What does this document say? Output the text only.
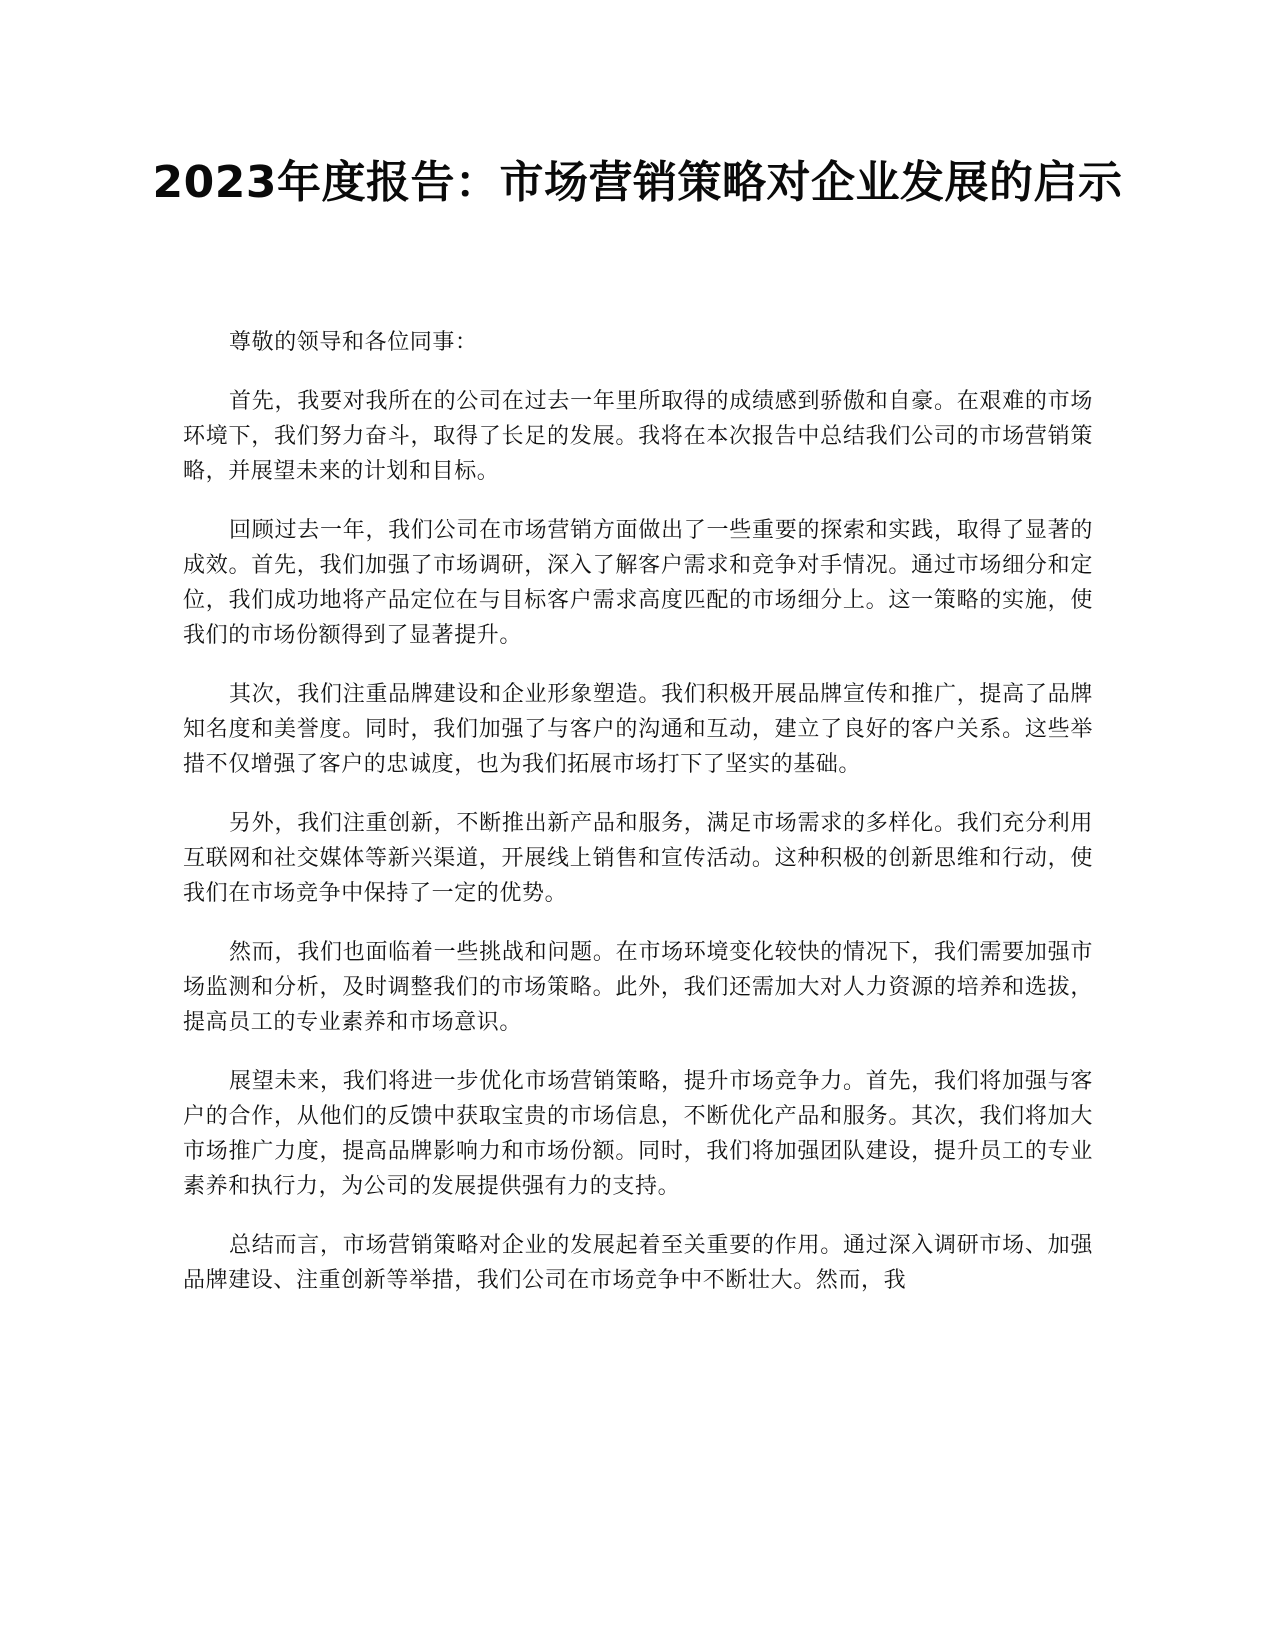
2023年度报告：市场营销策略对企业发展的启示

尊敬的领导和各位同事：

首先，我要对我所在的公司在过去一年里所取得的成绩感到骄傲和自豪。在艰难的市场环境下，我们努力奋斗，取得了长足的发展。我将在本次报告中总结我们公司的市场营销策略，并展望未来的计划和目标。

回顾过去一年，我们公司在市场营销方面做出了一些重要的探索和实践，取得了显著的成效。首先，我们加强了市场调研，深入了解客户需求和竞争对手情况。通过市场细分和定位，我们成功地将产品定位在与目标客户需求高度匹配的市场细分上。这一策略的实施，使我们的市场份额得到了显著提升。

其次，我们注重品牌建设和企业形象塑造。我们积极开展品牌宣传和推广，提高了品牌知名度和美誉度。同时，我们加强了与客户的沟通和互动，建立了良好的客户关系。这些举措不仅增强了客户的忠诚度，也为我们拓展市场打下了坚实的基础。

另外，我们注重创新，不断推出新产品和服务，满足市场需求的多样化。我们充分利用互联网和社交媒体等新兴渠道，开展线上销售和宣传活动。这种积极的创新思维和行动，使我们在市场竞争中保持了一定的优势。

然而，我们也面临着一些挑战和问题。在市场环境变化较快的情况下，我们需要加强市场监测和分析，及时调整我们的市场策略。此外，我们还需加大对人力资源的培养和选拔，提高员工的专业素养和市场意识。

展望未来，我们将进一步优化市场营销策略，提升市场竞争力。首先，我们将加强与客户的合作，从他们的反馈中获取宝贵的市场信息，不断优化产品和服务。其次，我们将加大市场推广力度，提高品牌影响力和市场份额。同时，我们将加强团队建设，提升员工的专业素养和执行力，为公司的发展提供强有力的支持。

总结而言，市场营销策略对企业的发展起着至关重要的作用。通过深入调研市场、加强品牌建设、注重创新等举措，我们公司在市场竞争中不断壮大。然而，我
